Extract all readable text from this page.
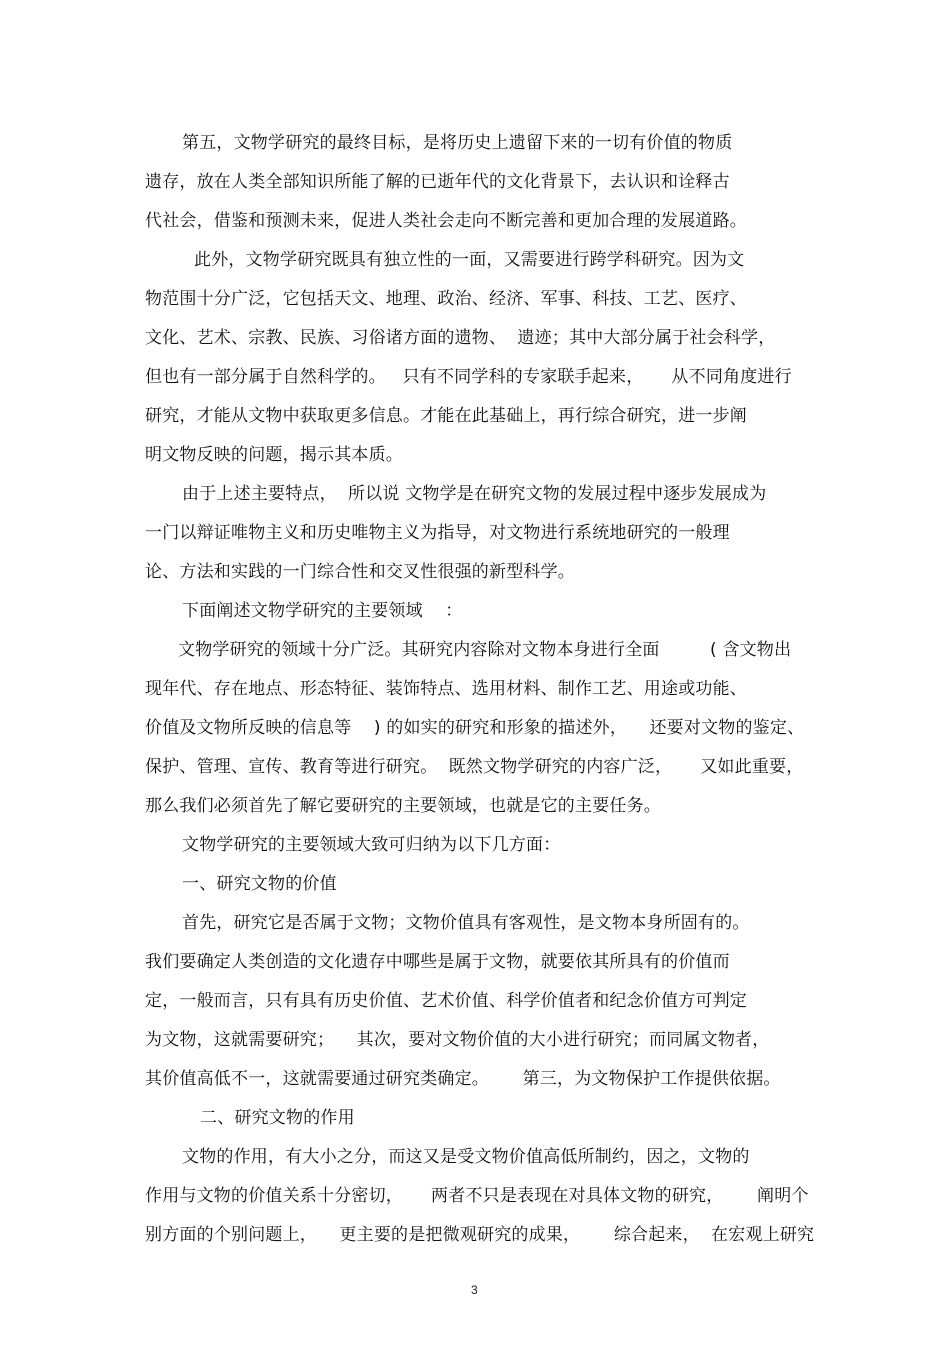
第五，文物学研究的最终目标，是将历史上遗留下来的一切有价值的物质
遗存，放在人类全部知识所能了解的已逝年代的文化背景下，去认识和诠释古
代社会，借鉴和预测未来，促进人类社会走向不断完善和更加合理的发展道路。
此外，文物学研究既具有独立性的一面，又需要进行跨学科研究。因为文
物范围十分广泛，它包括天文、地理、政治、经济、军事、科技、工艺、医疗、
文化、艺术、宗教、民族、习俗诸方面的遗物、  遗迹；其中大部分属于社会科学，
但也有一部分属于自然科学的。   只有不同学科的专家联手起来，     从不同角度进行
研究，才能从文物中获取更多信息。才能在此基础上，再行综合研究，进一步阐
明文物反映的问题，揭示其本质。
由于上述主要特点，  所以说 文物学是在研究文物的发展过程中逐步发展成为
一门以辩证唯物主义和历史唯物主义为指导，对文物进行系统地研究的一般理
论、方法和实践的一门综合性和交叉性很强的新型科学。
下面阐述文物学研究的主要领域    ：
文物学研究的领域十分广泛。其研究内容除对文物本身进行全面         ( 含文物出
现年代、存在地点、形态特征、装饰特点、选用材料、制作工艺、用途或功能、
价值及文物所反映的信息等    ) 的如实的研究和形象的描述外，    还要对文物的鉴定、
保护、管理、宣传、教育等进行研究。  既然文物学研究的内容广泛，     又如此重要，
那么我们必须首先了解它要研究的主要领域，也就是它的主要任务。
文物学研究的主要领域大致可归纳为以下几方面：
一、研究文物的价值
首先，研究它是否属于文物；文物价值具有客观性，是文物本身所固有的。
我们要确定人类创造的文化遗存中哪些是属于文物，就要依其所具有的价值而
定，一般而言，只有具有历史价值、艺术价值、科学价值者和纪念价值方可判定
为文物，这就需要研究；    其次，要对文物价值的大小进行研究；而同属文物者，
其价值高低不一，这就需要通过研究类确定。      第三，为文物保护工作提供依据。
二、研究文物的作用
文物的作用，有大小之分，而这又是受文物价值高低所制约，因之，文物的
作用与文物的价值关系十分密切，     两者不只是表现在对具体文物的研究，      阐明个
别方面的个别问题上，    更主要的是把微观研究的成果，      综合起来，  在宏观上研究
3
